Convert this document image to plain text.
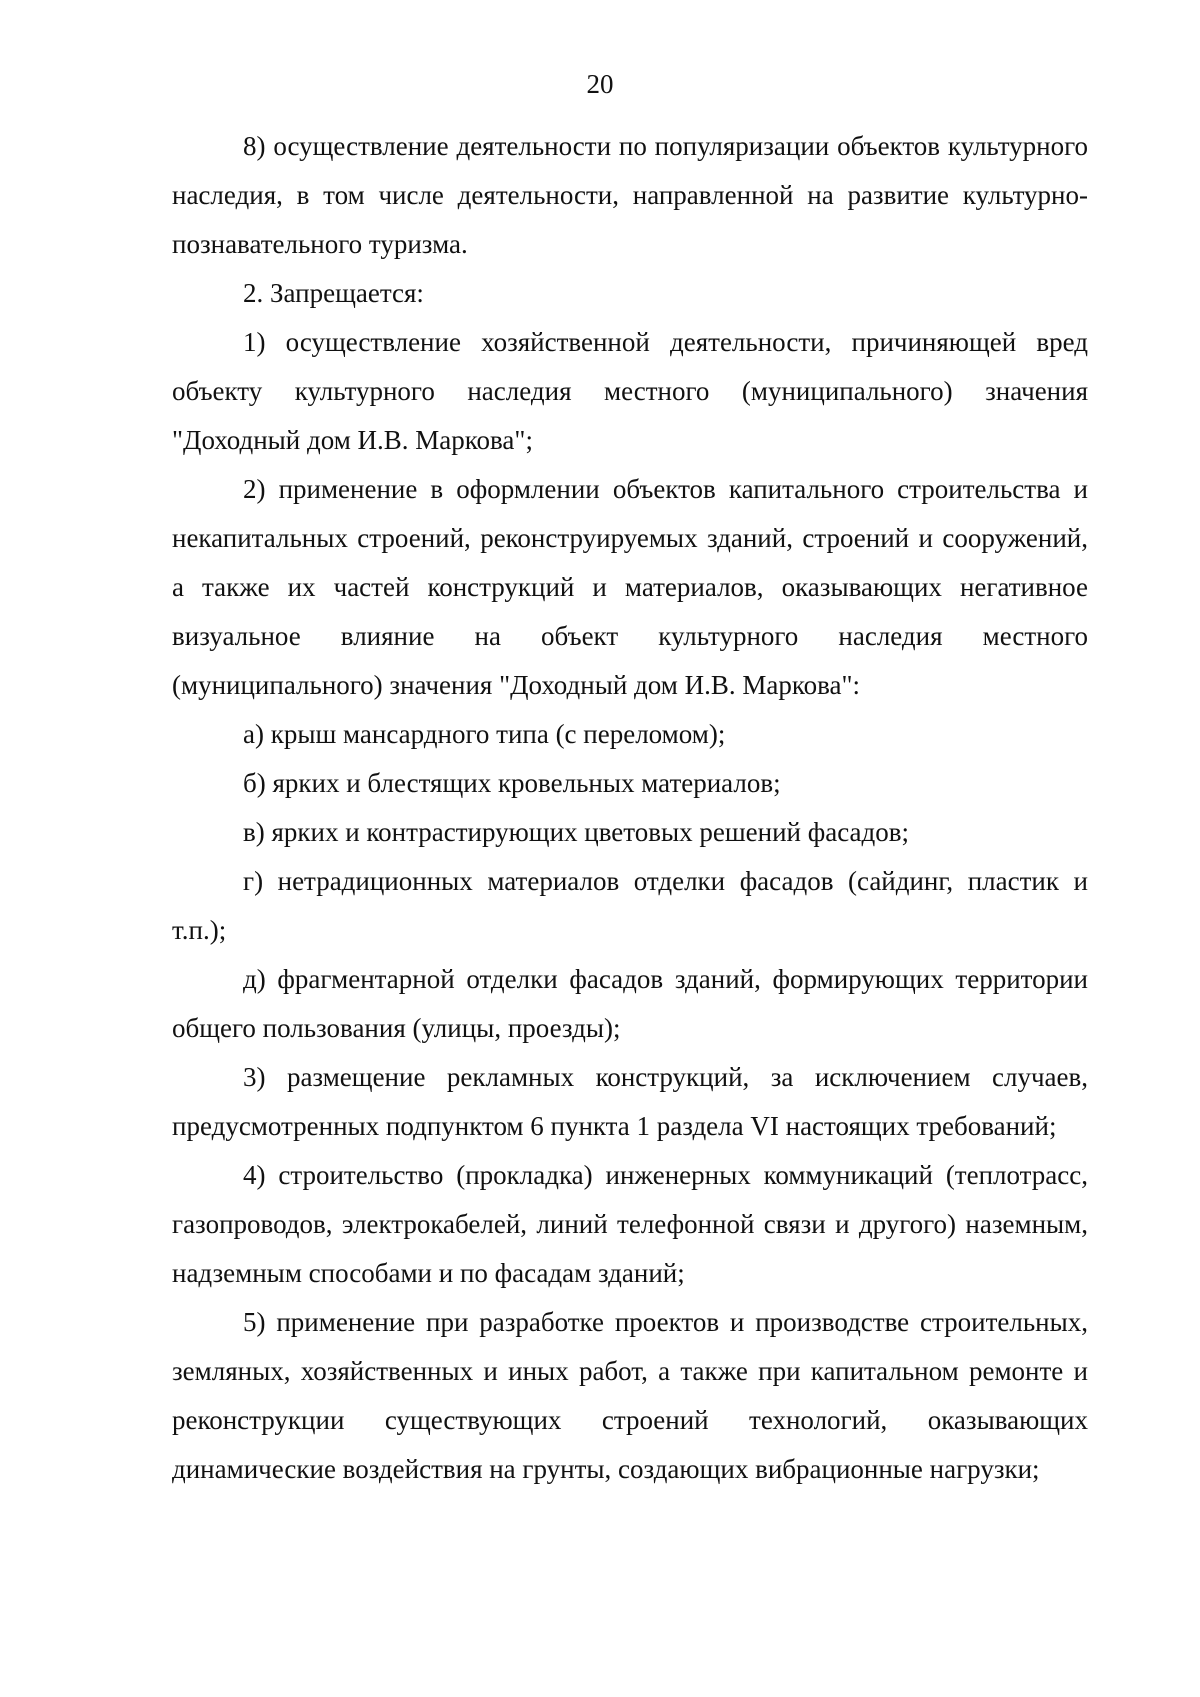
20

8) осуществление деятельности по популяризации объектов культурного наследия, в том числе деятельности, направленной на развитие культурно-познавательного туризма.

2. Запрещается:

1) осуществление хозяйственной деятельности, причиняющей вред объекту культурного наследия местного (муниципального) значения "Доходный дом И.В. Маркова";

2) применение в оформлении объектов капитального строительства и некапитальных строений, реконструируемых зданий, строений и сооружений, а также их частей конструкций и материалов, оказывающих негативное визуальное влияние на объект культурного наследия местного (муниципального) значения "Доходный дом И.В. Маркова":

а) крыш мансардного типа (с переломом);

б) ярких и блестящих кровельных материалов;

в) ярких и контрастирующих цветовых решений фасадов;

г) нетрадиционных материалов отделки фасадов (сайдинг, пластик и т.п.);

д) фрагментарной отделки фасадов зданий, формирующих территории общего пользования (улицы, проезды);

3) размещение рекламных конструкций, за исключением случаев, предусмотренных подпунктом 6 пункта 1 раздела VI настоящих требований;

4) строительство (прокладка) инженерных коммуникаций (теплотрасс, газопроводов, электрокабелей, линий телефонной связи и другого) наземным, надземным способами и по фасадам зданий;

5) применение при разработке проектов и производстве строительных, земляных, хозяйственных и иных работ, а также при капитальном ремонте и реконструкции существующих строений технологий, оказывающих динамические воздействия на грунты, создающих вибрационные нагрузки;
